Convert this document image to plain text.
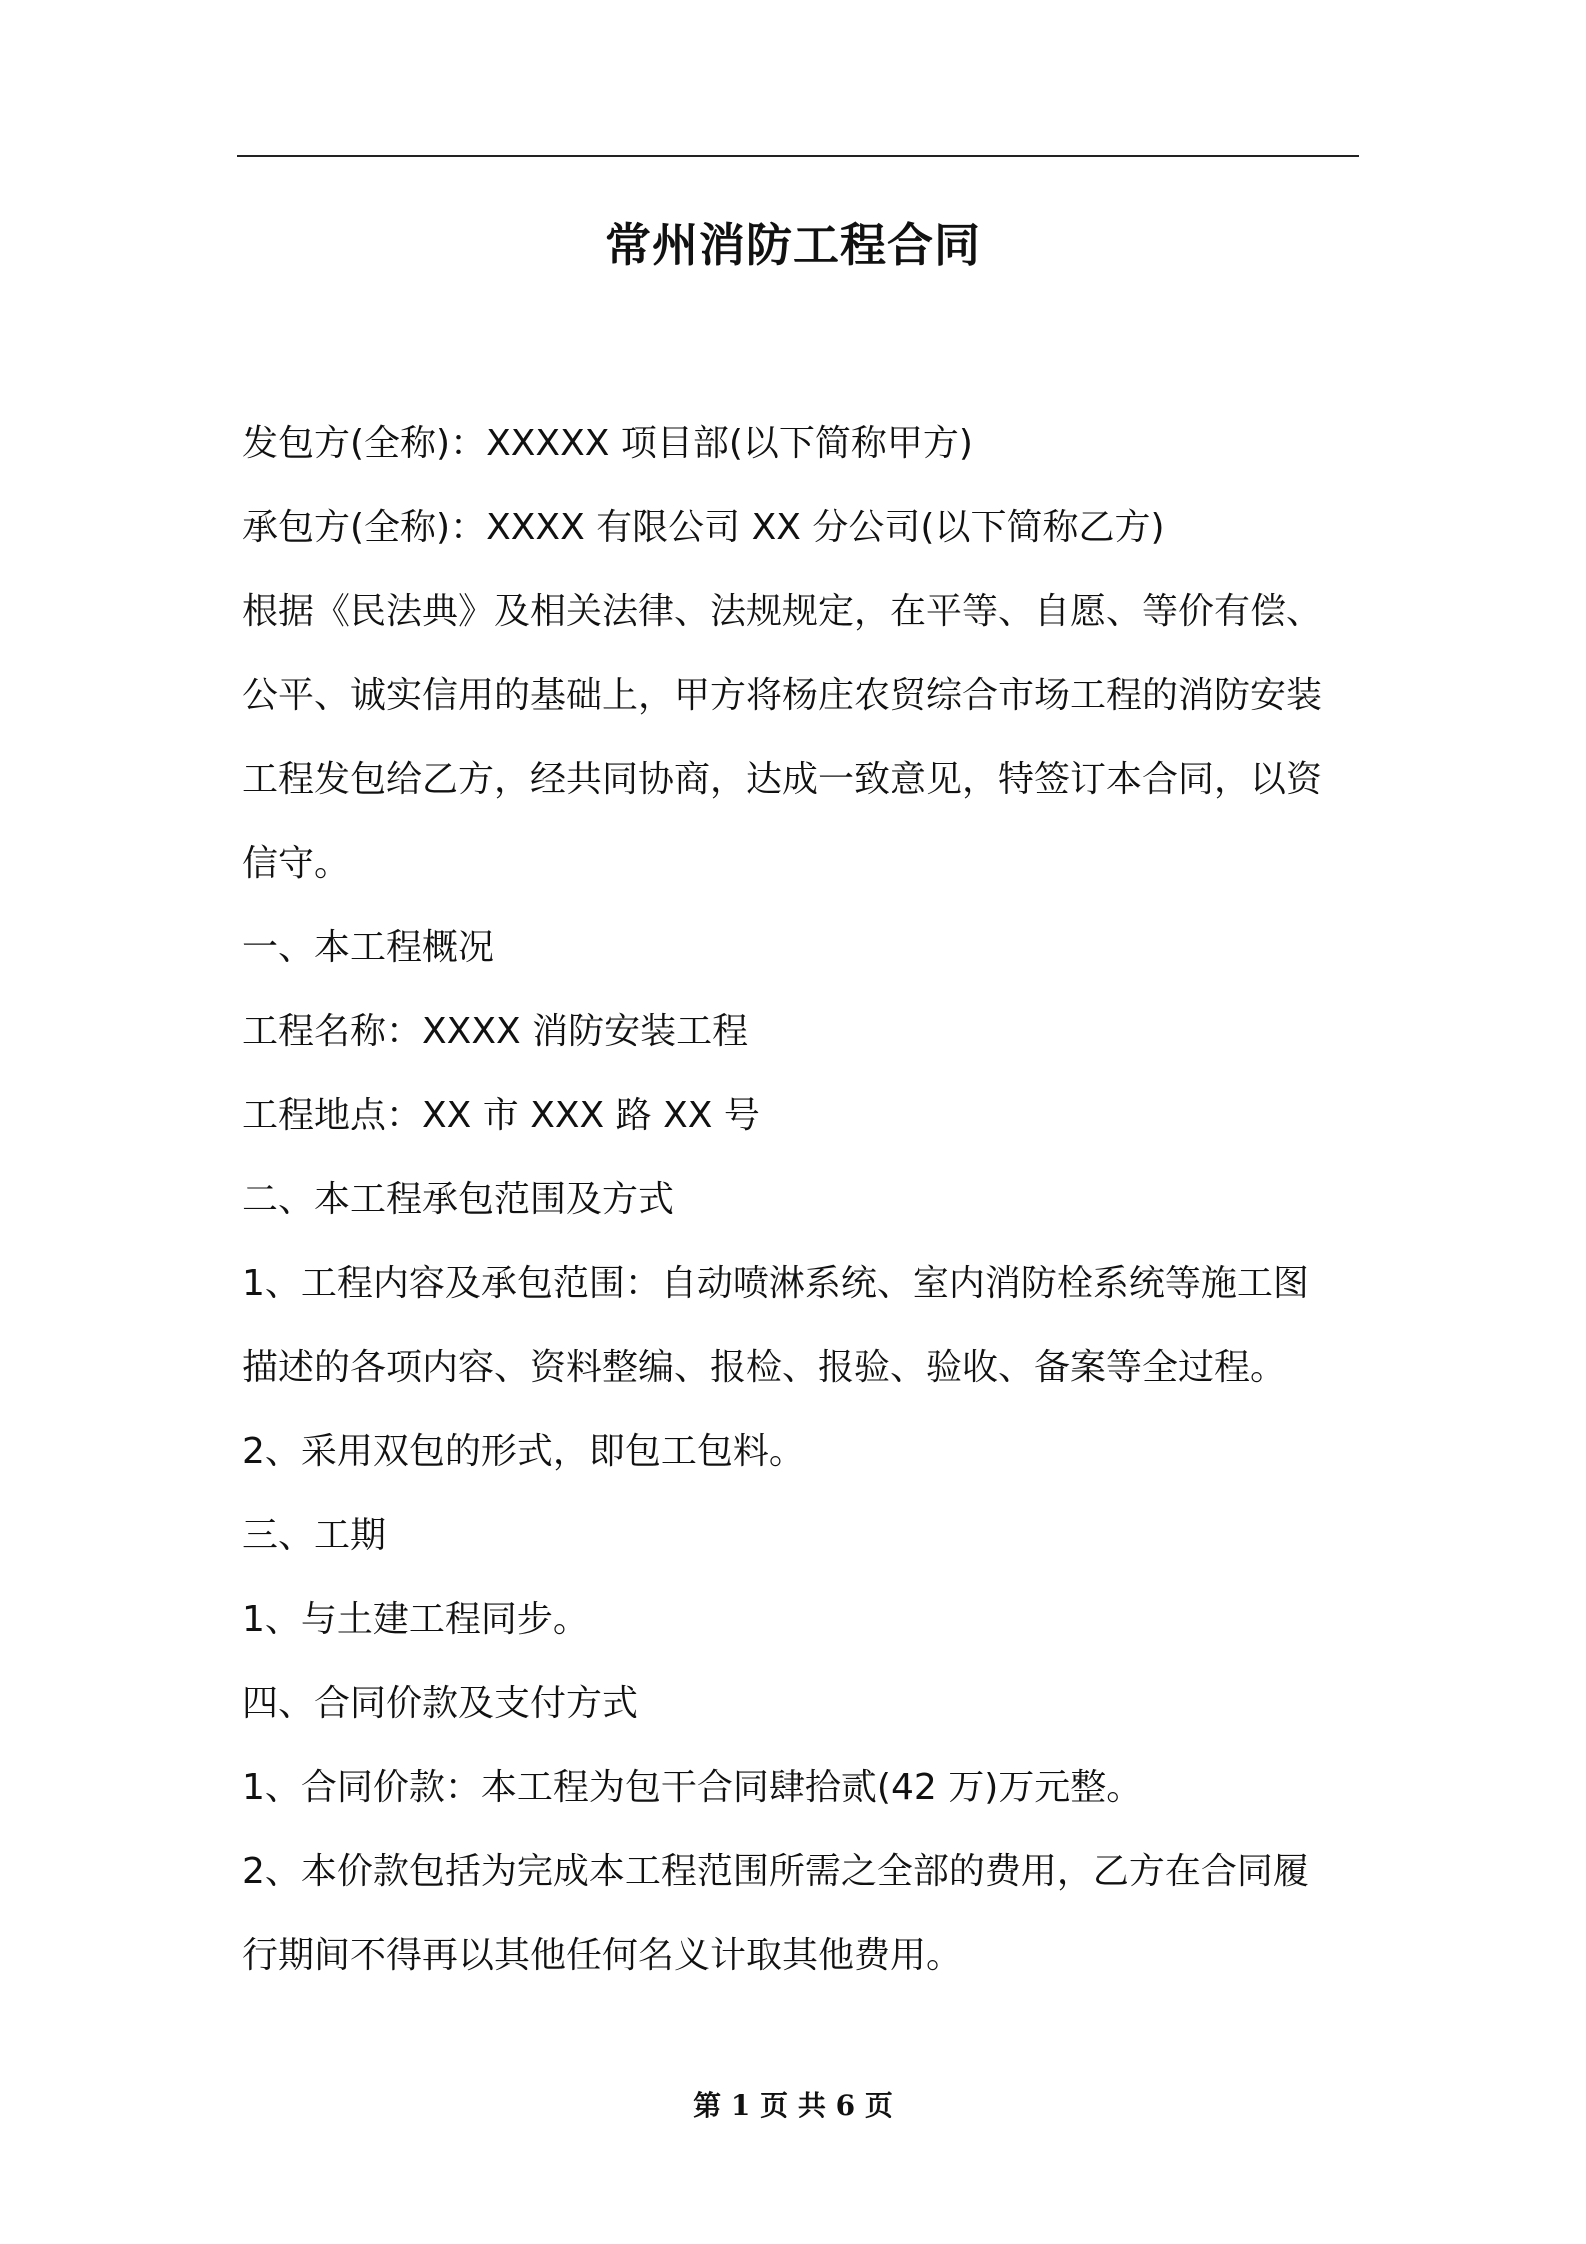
常州消防工程合同

发包方(全称)：XXXXX 项目部(以下简称甲方)

承包方(全称)：XXXX 有限公司 XX 分公司(以下简称乙方)

根据《民法典》及相关法律、法规规定，在平等、自愿、等价有偿、

公平、诚实信用的基础上，甲方将杨庄农贸综合市场工程的消防安装

工程发包给乙方，经共同协商，达成一致意见，特签订本合同，以资

信守。

一、本工程概况

工程名称：XXXX 消防安装工程

工程地点：XX 市 XXX 路 XX 号

二、本工程承包范围及方式

1、工程内容及承包范围：自动喷淋系统、室内消防栓系统等施工图

描述的各项内容、资料整编、报检、报验、验收、备案等全过程。

2、采用双包的形式，即包工包料。

三、工期

1、与土建工程同步。

四、合同价款及支付方式

1、合同价款：本工程为包干合同肆拾贰(42 万)万元整。

2、本价款包括为完成本工程范围所需之全部的费用，乙方在合同履

行期间不得再以其他任何名义计取其他费用。

第 1 页 共 6 页
